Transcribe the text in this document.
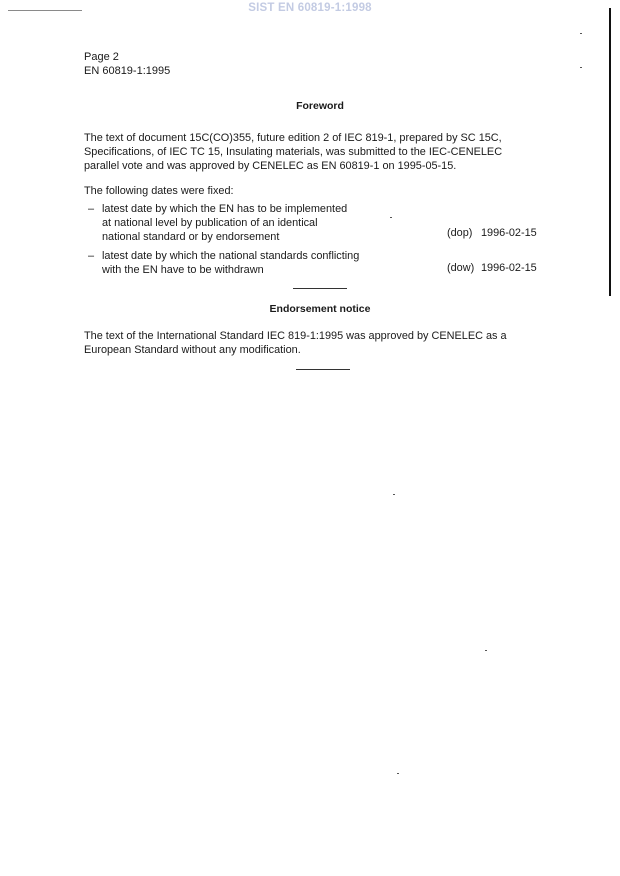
SIST EN 60819-1:1998
Page 2
EN 60819-1:1995
Foreword
The text of document 15C(CO)355, future edition 2 of IEC 819-1, prepared by SC 15C,
Specifications, of IEC TC 15, Insulating materials, was submitted to the IEC-CENELEC
parallel vote and was approved by CENELEC as EN 60819-1 on 1995-05-15.
The following dates were fixed:
– latest date by which the EN has to be implemented
at national level by publication of an identical
national standard or by endorsement	(dop) 1996-02-15
– latest date by which the national standards conflicting
with the EN have to be withdrawn	(dow) 1996-02-15
Endorsement notice
The text of the International Standard IEC 819-1:1995 was approved by CENELEC as a
European Standard without any modification.
